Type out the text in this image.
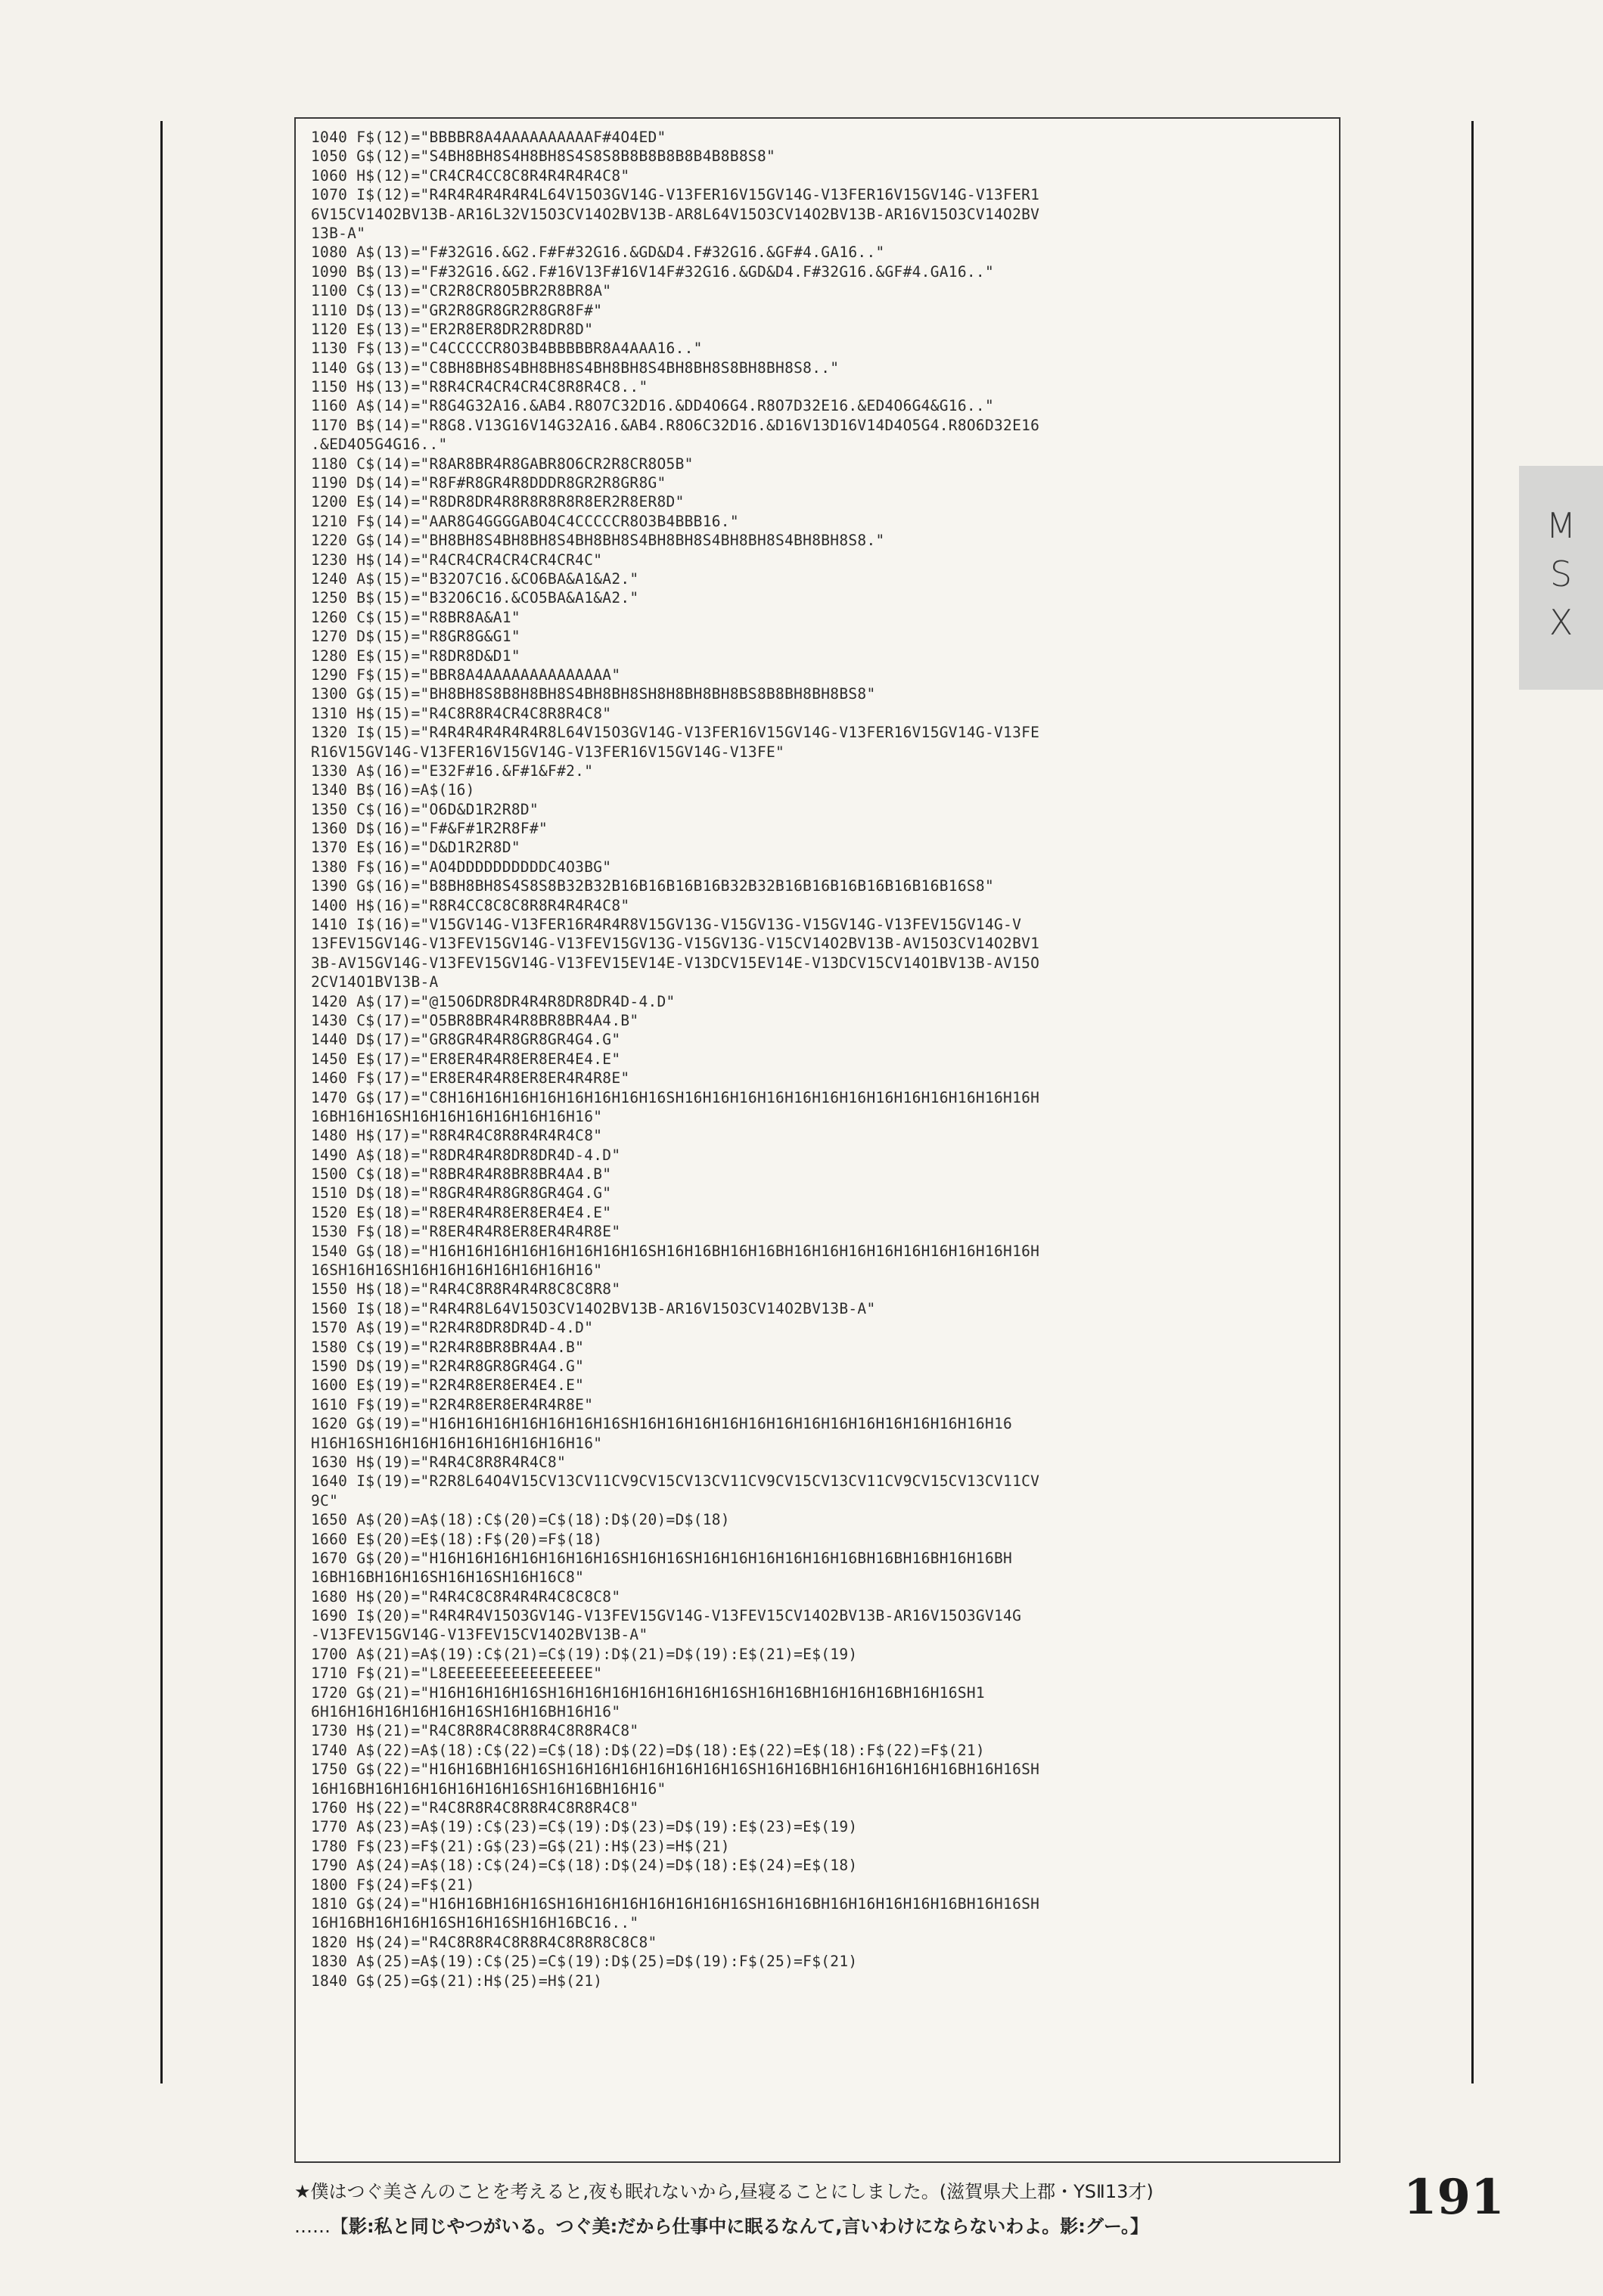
1040 F$(12)="BBBBR8A4AAAAAAAAAAF#4O4ED"
1050 G$(12)="S4BH8BH8S4H8BH8S4S8S8B8B8B8B8B4B8B8S8"
1060 H$(12)="CR4CR4CC8C8R4R4R4R4C8"
1070 I$(12)="R4R4R4R4R4R4L64V15O3GV14G-V13FER16V15GV14G-V13FER16V15GV14G-V13FER1
6V15CV14O2BV13B-AR16L32V15O3CV14O2BV13B-AR8L64V15O3CV14O2BV13B-AR16V15O3CV14O2BV
13B-A"
1080 A$(13)="F#32G16.&G2.F#F#32G16.&GD&D4.F#32G16.&GF#4.GA16.."
1090 B$(13)="F#32G16.&G2.F#16V13F#16V14F#32G16.&GD&D4.F#32G16.&GF#4.GA16.."
1100 C$(13)="CR2R8CR8O5BR2R8BR8A"
1110 D$(13)="GR2R8GR8GR2R8GR8F#"
1120 E$(13)="ER2R8ER8DR2R8DR8D"
1130 F$(13)="C4CCCCCR8O3B4BBBBBR8A4AAA16.."
1140 G$(13)="C8BH8BH8S4BH8BH8S4BH8BH8S4BH8BH8S8BH8BH8S8.."
1150 H$(13)="R8R4CR4CR4CR4C8R8R4C8.."
1160 A$(14)="R8G4G32A16.&AB4.R8O7C32D16.&DD4O6G4.R8O7D32E16.&ED4O6G4&G16.."
1170 B$(14)="R8G8.V13G16V14G32A16.&AB4.R8O6C32D16.&D16V13D16V14D4O5G4.R8O6D32E16
.&ED4O5G4G16.."
1180 C$(14)="R8AR8BR4R8GABR8O6CR2R8CR8O5B"
1190 D$(14)="R8F#R8GR4R8DDDR8GR2R8GR8G"
1200 E$(14)="R8DR8DR4R8R8R8R8R8ER2R8ER8D"
1210 F$(14)="AAR8G4GGGGABO4C4CCCCCR8O3B4BBB16."
1220 G$(14)="BH8BH8S4BH8BH8S4BH8BH8S4BH8BH8S4BH8BH8S4BH8BH8S8."
1230 H$(14)="R4CR4CR4CR4CR4CR4C"
1240 A$(15)="B32O7C16.&CO6BA&A1&A2."
1250 B$(15)="B32O6C16.&CO5BA&A1&A2."
1260 C$(15)="R8BR8A&A1"
1270 D$(15)="R8GR8G&G1"
1280 E$(15)="R8DR8D&D1"
1290 F$(15)="BBR8A4AAAAAAAAAAAAAA"
1300 G$(15)="BH8BH8S8B8H8BH8S4BH8BH8SH8H8BH8BH8BS8B8BH8BH8BS8"
1310 H$(15)="R4C8R8R4CR4C8R8R4C8"
1320 I$(15)="R4R4R4R4R4R4R8L64V15O3GV14G-V13FER16V15GV14G-V13FER16V15GV14G-V13FE
R16V15GV14G-V13FER16V15GV14G-V13FER16V15GV14G-V13FE"
1330 A$(16)="E32F#16.&F#1&F#2."
1340 B$(16)=A$(16)
1350 C$(16)="O6D&D1R2R8D"
1360 D$(16)="F#&F#1R2R8F#"
1370 E$(16)="D&D1R2R8D"
1380 F$(16)="AO4DDDDDDDDDDC4O3BG"
1390 G$(16)="B8BH8BH8S4S8S8B32B32B16B16B16B16B32B32B16B16B16B16B16B16B16S8"
1400 H$(16)="R8R4CC8C8C8R8R4R4R4C8"
1410 I$(16)="V15GV14G-V13FER16R4R4R8V15GV13G-V15GV13G-V15GV14G-V13FEV15GV14G-V
13FEV15GV14G-V13FEV15GV14G-V13FEV15GV13G-V15GV13G-V15CV14O2BV13B-AV15O3CV14O2BV1
3B-AV15GV14G-V13FEV15GV14G-V13FEV15EV14E-V13DCV15EV14E-V13DCV15CV14O1BV13B-AV15O
2CV14O1BV13B-A
1420 A$(17)="@15O6DR8DR4R4R8DR8DR4D-4.D"
1430 C$(17)="O5BR8BR4R4R8BR8BR4A4.B"
1440 D$(17)="GR8GR4R4R8GR8GR4G4.G"
1450 E$(17)="ER8ER4R4R8ER8ER4E4.E"
1460 F$(17)="ER8ER4R4R8ER8ER4R4R8E"
1470 G$(17)="C8H16H16H16H16H16H16H16H16SH16H16H16H16H16H16H16H16H16H16H16H16H16H
16BH16H16SH16H16H16H16H16H16H16"
1480 H$(17)="R8R4R4C8R8R4R4R4C8"
1490 A$(18)="R8DR4R4R8DR8DR4D-4.D"
1500 C$(18)="R8BR4R4R8BR8BR4A4.B"
1510 D$(18)="R8GR4R4R8GR8GR4G4.G"
1520 E$(18)="R8ER4R4R8ER8ER4E4.E"
1530 F$(18)="R8ER4R4R8ER8ER4R4R8E"
1540 G$(18)="H16H16H16H16H16H16H16H16SH16H16BH16H16BH16H16H16H16H16H16H16H16H16H
16SH16H16SH16H16H16H16H16H16H16"
1550 H$(18)="R4R4C8R8R4R4R8C8C8R8"
1560 I$(18)="R4R4R8L64V15O3CV14O2BV13B-AR16V15O3CV14O2BV13B-A"
1570 A$(19)="R2R4R8DR8DR4D-4.D"
1580 C$(19)="R2R4R8BR8BR4A4.B"
1590 D$(19)="R2R4R8GR8GR4G4.G"
1600 E$(19)="R2R4R8ER8ER4E4.E"
1610 F$(19)="R2R4R8ER8ER4R4R8E"
1620 G$(19)="H16H16H16H16H16H16H16SH16H16H16H16H16H16H16H16H16H16H16H16H16H16
H16H16SH16H16H16H16H16H16H16H16"
1630 H$(19)="R4R4C8R8R4R4C8"
1640 I$(19)="R2R8L64O4V15CV13CV11CV9CV15CV13CV11CV9CV15CV13CV11CV9CV15CV13CV11CV
9C"
1650 A$(20)=A$(18):C$(20)=C$(18):D$(20)=D$(18)
1660 E$(20)=E$(18):F$(20)=F$(18)
1670 G$(20)="H16H16H16H16H16H16H16SH16H16SH16H16H16H16H16H16BH16BH16BH16H16BH
16BH16BH16H16SH16H16SH16H16C8"
1680 H$(20)="R4R4C8C8R4R4R4C8C8C8"
1690 I$(20)="R4R4R4V15O3GV14G-V13FEV15GV14G-V13FEV15CV14O2BV13B-AR16V15O3GV14G
-V13FEV15GV14G-V13FEV15CV14O2BV13B-A"
1700 A$(21)=A$(19):C$(21)=C$(19):D$(21)=D$(19):E$(21)=E$(19)
1710 F$(21)="L8EEEEEEEEEEEEEEEE"
1720 G$(21)="H16H16H16H16SH16H16H16H16H16H16H16SH16H16BH16H16H16BH16H16SH1
6H16H16H16H16H16H16SH16H16BH16H16"
1730 H$(21)="R4C8R8R4C8R8R4C8R8R4C8"
1740 A$(22)=A$(18):C$(22)=C$(18):D$(22)=D$(18):E$(22)=E$(18):F$(22)=F$(21)
1750 G$(22)="H16H16BH16H16SH16H16H16H16H16H16H16SH16H16BH16H16H16H16H16BH16H16SH
16H16BH16H16H16H16H16H16SH16H16BH16H16"
1760 H$(22)="R4C8R8R4C8R8R4C8R8R4C8"
1770 A$(23)=A$(19):C$(23)=C$(19):D$(23)=D$(19):E$(23)=E$(19)
1780 F$(23)=F$(21):G$(23)=G$(21):H$(23)=H$(21)
1790 A$(24)=A$(18):C$(24)=C$(18):D$(24)=D$(18):E$(24)=E$(18)
1800 F$(24)=F$(21)
1810 G$(24)="H16H16BH16H16SH16H16H16H16H16H16H16SH16H16BH16H16H16H16H16BH16H16SH
16H16BH16H16H16SH16H16SH16H16BC16.."
1820 H$(24)="R4C8R8R4C8R8R4C8R8R8C8C8"
1830 A$(25)=A$(19):C$(25)=C$(19):D$(25)=D$(19):F$(25)=F$(21)
1840 G$(25)=G$(21):H$(25)=H$(21)
MSX
★僕はつぐ美さんのことを考えると,夜も眠れないから,昼寝ることにしました。(滋賀県犬上郡・YSⅡ13才)
……【影:私と同じやつがいる。つぐ美:だから仕事中に眠るなんて,言いわけにならないわよ。影:グー。】
191
